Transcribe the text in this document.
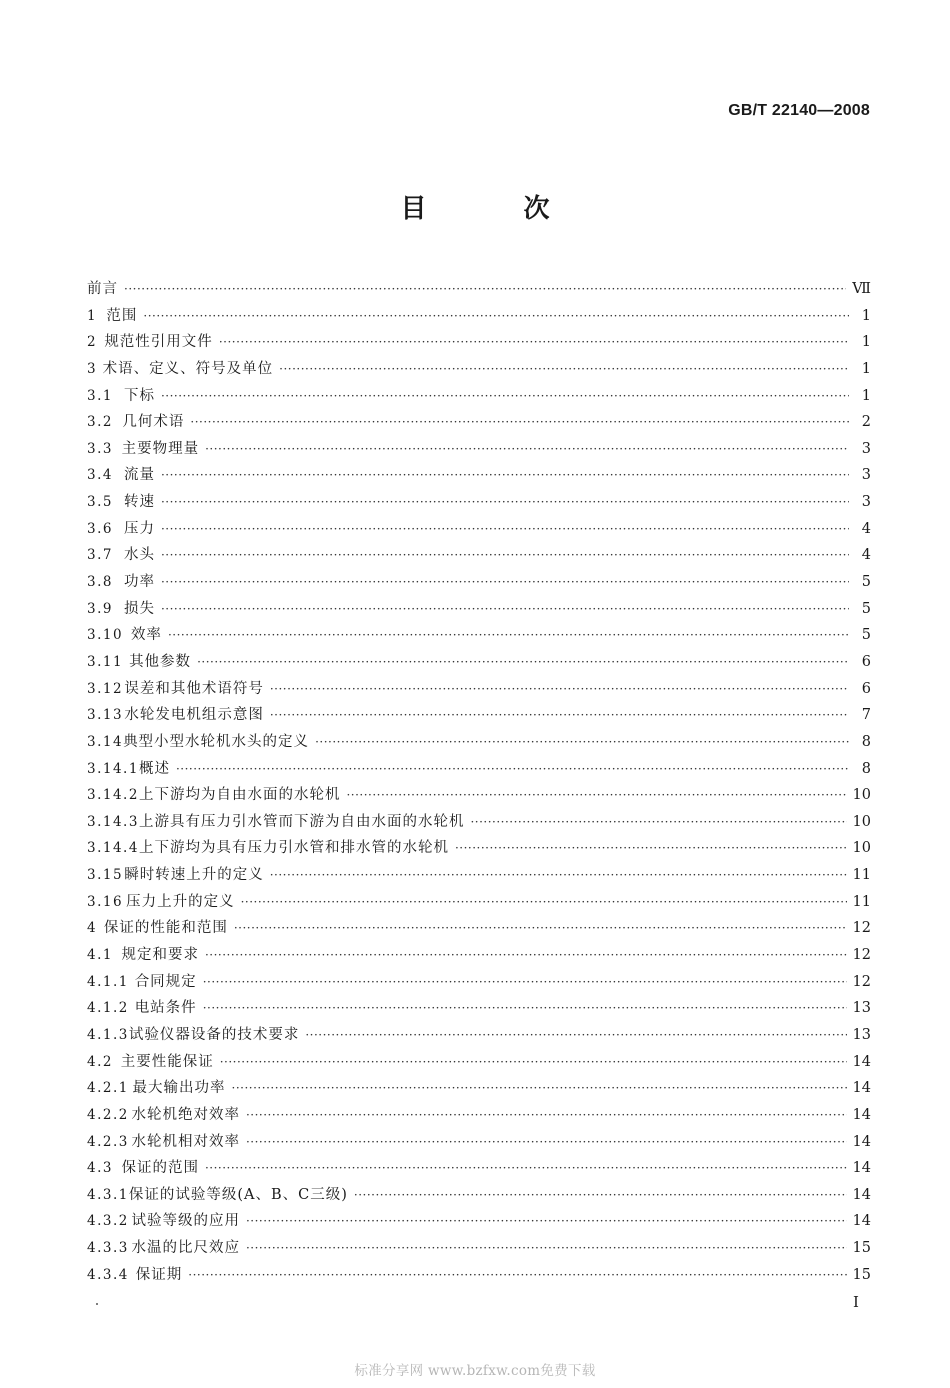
GB/T 22140—2008

目 次
前言 ·····	Ⅶ
1 范围 ·····	1
2 规范性引用文件 ·····	1
3 术语、定义、符号及单位 ·····	1
3.1 下标 ·····	1
3.2 几何术语 ·····	2
3.3 主要物理量 ·····	3
3.4 流量 ·····	3
3.5 转速 ·····	3
3.6 压力 ·····	4
3.7 水头 ·····	4
3.8 功率 ·····	5
3.9 损失 ·····	5
3.10 效率 ·····	5
3.11 其他参数 ·····	6
3.12 误差和其他术语符号 ·····	6
3.13 水轮发电机组示意图 ·····	7
3.14 典型小型水轮机水头的定义 ·····	8
3.14.1 概述 ·····	8
3.14.2 上下游均为自由水面的水轮机 ·····	10
3.14.3 上游具有压力引水管而下游为自由水面的水轮机 ·····	10
3.14.4 上下游均为具有压力引水管和排水管的水轮机 ·····	10
3.15 瞬时转速上升的定义 ·····	11
3.16 压力上升的定义 ·····	11
4 保证的性能和范围 ·····	12
4.1 规定和要求 ·····	12
4.1.1 合同规定 ·····	12
4.1.2 电站条件 ·····	13
4.1.3 试验仪器设备的技术要求 ·····	13
4.2 主要性能保证 ·····	14
4.2.1 最大输出功率 ·····	14
4.2.2 水轮机绝对效率 ·····	14
4.2.3 水轮机相对效率 ·····	14
4.3 保证的范围 ·····	14
4.3.1 保证的试验等级(A、B、C三级) ·····	14
4.3.2 试验等级的应用 ·····	14
4.3.3 水温的比尺效应 ·····	15
4.3.4 保证期 ·····	15

I

标准分享网 www.bzfxw.com免费下载
